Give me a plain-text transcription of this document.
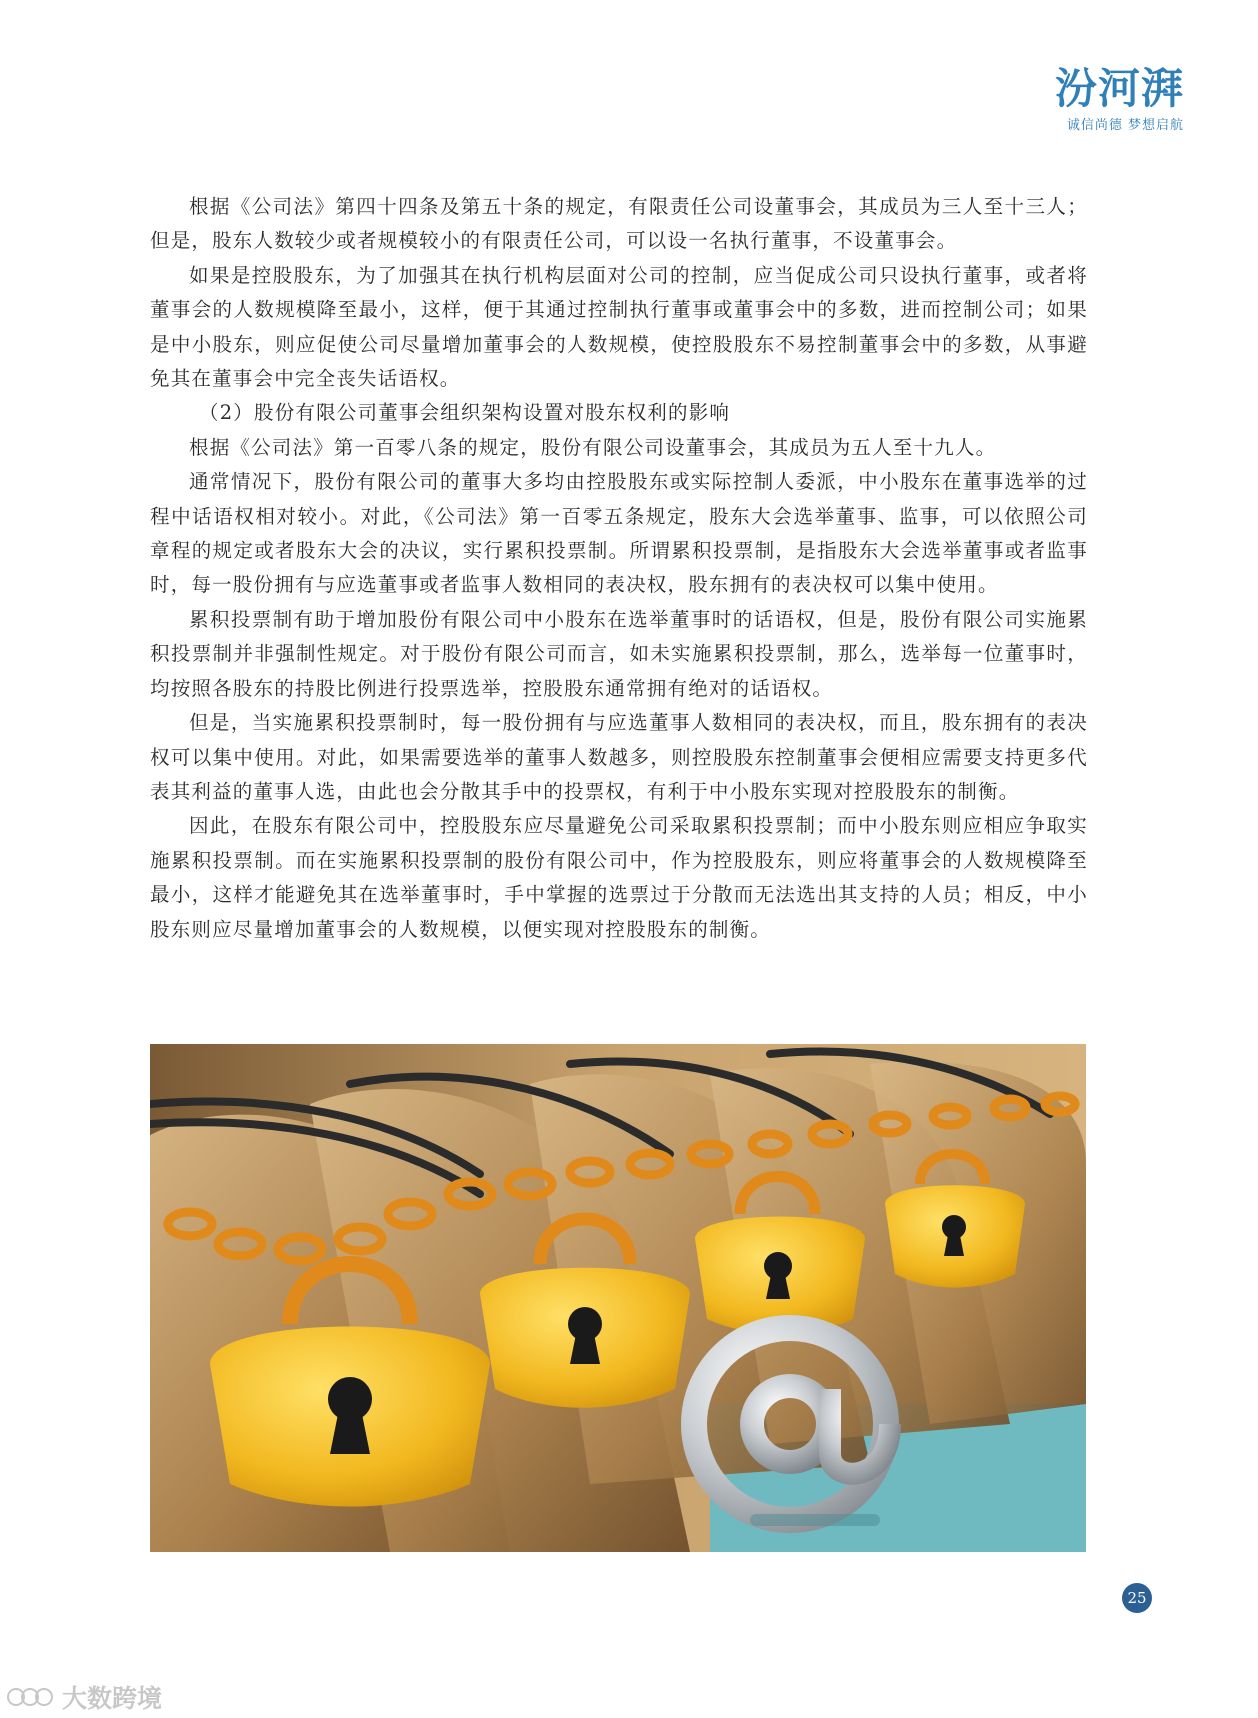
汾河湃
诚信尚德 梦想启航

根据《公司法》第四十四条及第五十条的规定，有限责任公司设董事会，其成员为三人至十三人；但是，股东人数较少或者规模较小的有限责任公司，可以设一名执行董事，不设董事会。

如果是控股股东，为了加强其在执行机构层面对公司的控制，应当促成公司只设执行董事，或者将董事会的人数规模降至最小，这样，便于其通过控制执行董事或董事会中的多数，进而控制公司；如果是中小股东，则应促使公司尽量增加董事会的人数规模，使控股股东不易控制董事会中的多数，从事避免其在董事会中完全丧失话语权。

（2）股份有限公司董事会组织架构设置对股东权利的影响

根据《公司法》第一百零八条的规定，股份有限公司设董事会，其成员为五人至十九人。

通常情况下，股份有限公司的董事大多均由控股股东或实际控制人委派，中小股东在董事选举的过程中话语权相对较小。对此，《公司法》第一百零五条规定，股东大会选举董事、监事，可以依照公司章程的规定或者股东大会的决议，实行累积投票制。所谓累积投票制，是指股东大会选举董事或者监事时，每一股份拥有与应选董事或者监事人数相同的表决权，股东拥有的表决权可以集中使用。

累积投票制有助于增加股份有限公司中小股东在选举董事时的话语权，但是，股份有限公司实施累积投票制并非强制性规定。对于股份有限公司而言，如未实施累积投票制，那么，选举每一位董事时，均按照各股东的持股比例进行投票选举，控股股东通常拥有绝对的话语权。

但是，当实施累积投票制时，每一股份拥有与应选董事人数相同的表决权，而且，股东拥有的表决权可以集中使用。对此，如果需要选举的董事人数越多，则控股股东控制董事会便相应需要支持更多代表其利益的董事人选，由此也会分散其手中的投票权，有利于中小股东实现对控股股东的制衡。

因此，在股东有限公司中，控股股东应尽量避免公司采取累积投票制；而中小股东则应相应争取实施累积投票制。而在实施累积投票制的股份有限公司中，作为控股股东，则应将董事会的人数规模降至最小，这样才能避免其在选举董事时，手中掌握的选票过于分散而无法选出其支持的人员；相反，中小股东则应尽量增加董事会的人数规模，以便实现对控股股东的制衡。

25
大数跨境
